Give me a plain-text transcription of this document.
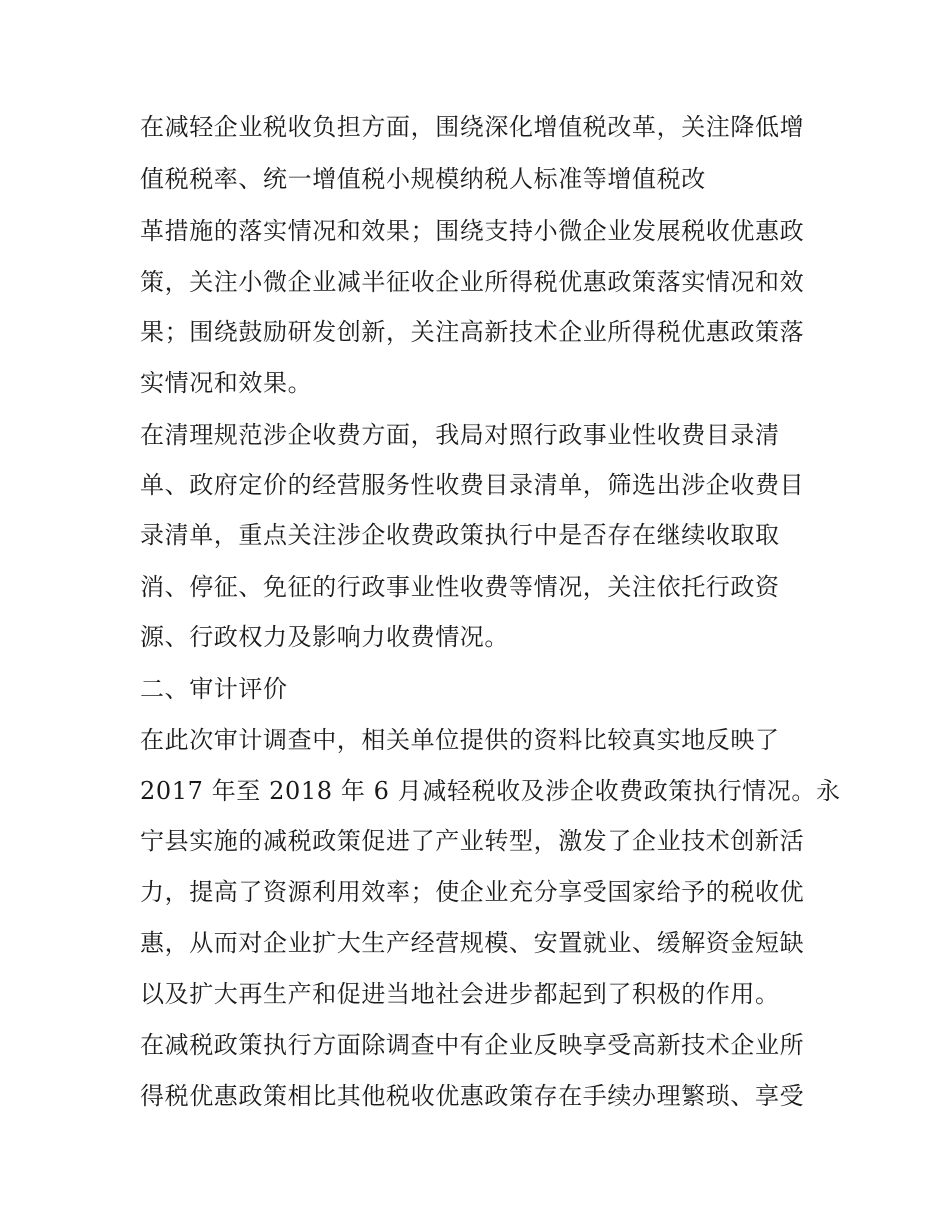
在减轻企业税收负担方面，围绕深化增值税改革，关注降低增
值税税率、统一增值税小规模纳税人标准等增值税改
革措施的落实情况和效果；围绕支持小微企业发展税收优惠政
策，关注小微企业减半征收企业所得税优惠政策落实情况和效
果；围绕鼓励研发创新，关注高新技术企业所得税优惠政策落
实情况和效果。
在清理规范涉企收费方面，我局对照行政事业性收费目录清
单、政府定价的经营服务性收费目录清单，筛选出涉企收费目
录清单，重点关注涉企收费政策执行中是否存在继续收取取
消、停征、免征的行政事业性收费等情况，关注依托行政资
源、行政权力及影响力收费情况。
二、审计评价
在此次审计调查中，相关单位提供的资料比较真实地反映了
2017 年至 2018 年 6 月减轻税收及涉企收费政策执行情况。永
宁县实施的减税政策促进了产业转型，激发了企业技术创新活
力，提高了资源利用效率；使企业充分享受国家给予的税收优
惠，从而对企业扩大生产经营规模、安置就业、缓解资金短缺
以及扩大再生产和促进当地社会进步都起到了积极的作用。
在减税政策执行方面除调查中有企业反映享受高新技术企业所
得税优惠政策相比其他税收优惠政策存在手续办理繁琐、享受
